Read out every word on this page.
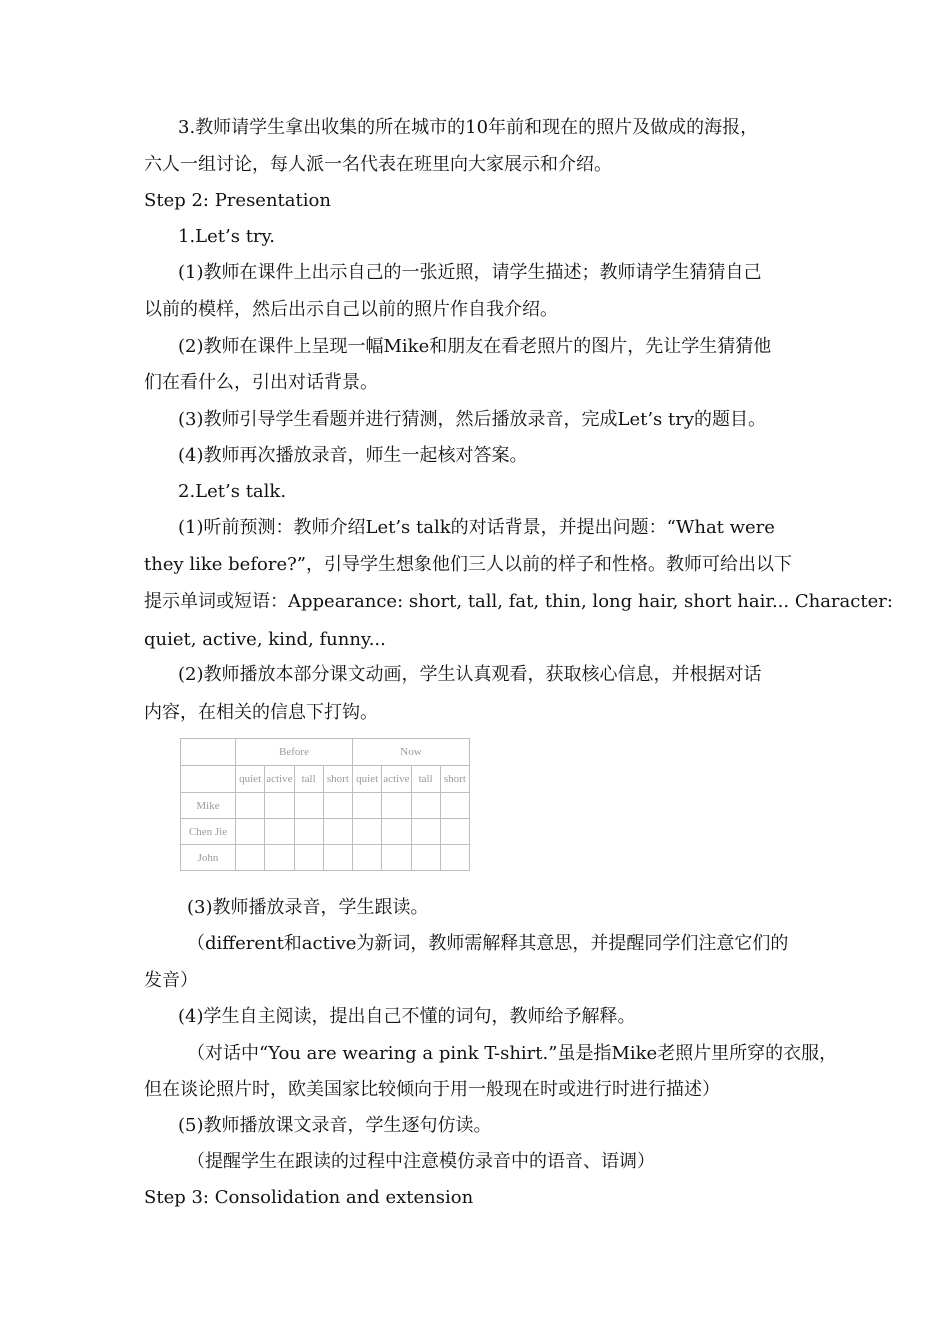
3.教师请学生拿出收集的所在城市的10年前和现在的照片及做成的海报，
六人一组讨论，每人派一名代表在班里向大家展示和介绍。
Step 2: Presentation
1.Let’s try.
(1)教师在课件上出示自己的一张近照，请学生描述；教师请学生猜猜自己
以前的模样，然后出示自己以前的照片作自我介绍。
(2)教师在课件上呈现一幅Mike和朋友在看老照片的图片，先让学生猜猜他
们在看什么，引出对话背景。
(3)教师引导学生看题并进行猜测，然后播放录音，完成Let’s try的题目。
(4)教师再次播放录音，师生一起核对答案。
2.Let’s talk.
(1)听前预测：教师介绍Let’s talk的对话背景，并提出问题：“What were
they like before?”，引导学生想象他们三人以前的样子和性格。教师可给出以下
提示单词或短语：Appearance: short, tall, fat, thin, long hair, short hair... Character:
quiet, active, kind, funny...
(2)教师播放本部分课文动画，学生认真观看，获取核心信息，并根据对话
内容，在相关的信息下打钩。
	Before				Now			
	quiet	active	tall	short	quiet	active	tall	short
Mike								
Chen Jie								
John								
(3)教师播放录音，学生跟读。
（different和active为新词，教师需解释其意思，并提醒同学们注意它们的
发音）
(4)学生自主阅读，提出自己不懂的词句，教师给予解释。
（对话中“You are wearing a pink T-shirt.”虽是指Mike老照片里所穿的衣服，
但在谈论照片时，欧美国家比较倾向于用一般现在时或进行时进行描述）
(5)教师播放课文录音，学生逐句仿读。
（提醒学生在跟读的过程中注意模仿录音中的语音、语调）
Step 3: Consolidation and extension
